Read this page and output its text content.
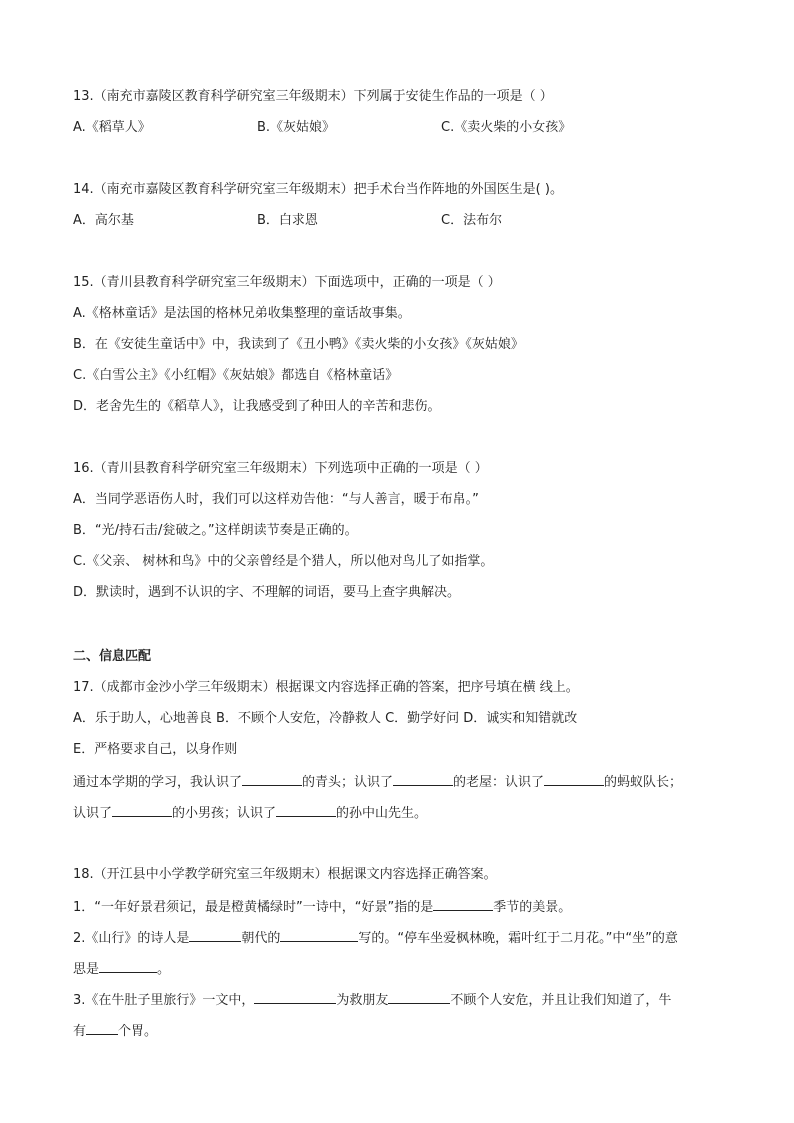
13.（南充市嘉陵区教育科学研究室三年级期末）下列属于安徒生作品的一项是（ ）
A.《稻草人》	B.《灰姑娘》	C.《卖火柴的小女孩》
14.（南充市嘉陵区教育科学研究室三年级期末）把手术台当作阵地的外国医生是( )。
A．高尔基	B．白求恩	C．法布尔
15.（青川县教育科学研究室三年级期末）下面选项中，正确的一项是（ ）
A.《格林童话》是法国的格林兄弟收集整理的童话故事集。
B．在《安徒生童话中》中，我读到了《丑小鸭》《卖火柴的小女孩》《灰姑娘》
C.《白雪公主》《小红帽》《灰姑娘》都选自《格林童话》
D．老舍先生的《稻草人》，让我感受到了种田人的辛苦和悲伤。
16.（青川县教育科学研究室三年级期末）下列选项中正确的一项是（ ）
A．当同学恶语伤人时，我们可以这样劝告他：“与人善言，暖于布帛。”
B．“光/持石击/瓮破之。”这样朗读节奏是正确的。
C.《父亲、 树林和鸟》中的父亲曾经是个猎人，所以他对鸟儿了如指掌。
D．默读时，遇到不认识的字、不理解的词语，要马上查字典解决。
二、信息匹配
17.（成都市金沙小学三年级期末）根据课文内容选择正确的答案，把序号填在横 线上。
A．乐于助人，心地善良 B．不顾个人安危，冷静救人 C．勤学好问 D．诚实和知错就改
E．严格要求自己，以身作则
通过本学期的学习，我认识了	的青头；认识了	的老屋：认识了	的蚂蚁队长；
认识了	的小男孩；认识了	的孙中山先生。
18.（开江县中小学教学研究室三年级期末）根据课文内容选择正确答案。
1．“一年好景君须记，最是橙黄橘绿时”一诗中，“好景”指的是	季节的美景。
2.《山行》的诗人是	朝代的	写的。“停车坐爱枫林晚，霜叶红于二月花。”中“坐”的意
思是	。
3.《在牛肚子里旅行》一文中，	为救朋友	不顾个人安危，并且让我们知道了，牛
有 个胃。
